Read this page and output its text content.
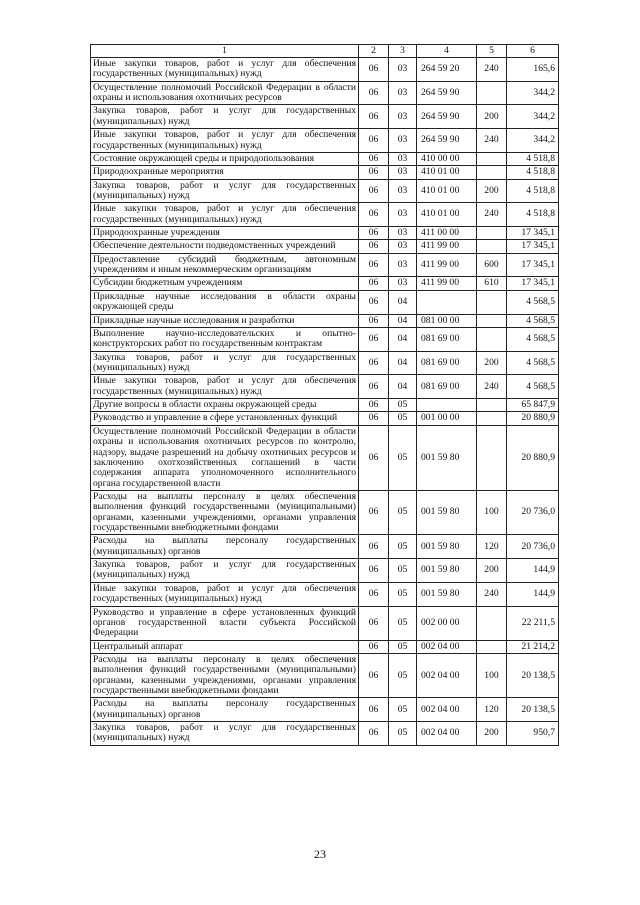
1	2	3	4	5	6
Иные закупки товаров, работ и услуг для обеспечения государственных (муниципальных) нужд	06	03	264 59 20	240	165,6
Осуществление полномочий Российской Федерации в области охраны и использования охотничьих ресурсов	06	03	264 59 90		344,2
Закупка товаров, работ и услуг для государственных (муниципальных) нужд	06	03	264 59 90	200	344,2
Иные закупки товаров, работ и услуг для обеспечения государственных (муниципальных) нужд	06	03	264 59 90	240	344,2
Состояние окружающей среды и природопользования	06	03	410 00 00		4 518,8
Природоохранные мероприятия	06	03	410 01 00		4 518,8
Закупка товаров, работ и услуг для государственных (муниципальных) нужд	06	03	410 01 00	200	4 518,8
Иные закупки товаров, работ и услуг для обеспечения государственных (муниципальных) нужд	06	03	410 01 00	240	4 518,8
Природоохранные учреждения	06	03	411 00 00		17 345,1
Обеспечение деятельности подведомственных учреждений	06	03	411 99 00		17 345,1
Предоставление субсидий бюджетным, автономным учреждениям и иным некоммерческим организациям	06	03	411 99 00	600	17 345,1
Субсидии бюджетным учреждениям	06	03	411 99 00	610	17 345,1
Прикладные научные исследования в области охраны окружающей среды	06	04			4 568,5
Прикладные научные исследования и разработки	06	04	081 00 00		4 568,5
Выполнение научно-исследовательских и опытно-конструкторских работ по государственным контрактам	06	04	081 69 00		4 568,5
Закупка товаров, работ и услуг для государственных (муниципальных) нужд	06	04	081 69 00	200	4 568,5
Иные закупки товаров, работ и услуг для обеспечения государственных (муниципальных) нужд	06	04	081 69 00	240	4 568,5
Другие вопросы в области охраны окружающей среды	06	05			65 847,9
Руководство и управление в сфере установленных функций	06	05	001 00 00		20 880,9
Осуществление полномочий Российской Федерации в области охраны и использования охотничьих ресурсов по контролю, надзору, выдаче разрешений на добычу охотничьих ресурсов и заключению охотхозяйственных соглашений в части содержания аппарата уполномоченного исполнительного органа государственной власти	06	05	001 59 80		20 880,9
Расходы на выплаты персоналу в целях обеспечения выполнения функций государственными (муниципальными) органами, казенными учреждениями, органами управления государственными внебюджетными фондами	06	05	001 59 80	100	20 736,0
Расходы на выплаты персоналу государственных (муниципальных) органов	06	05	001 59 80	120	20 736,0
Закупка товаров, работ и услуг для государственных (муниципальных) нужд	06	05	001 59 80	200	144,9
Иные закупки товаров, работ и услуг для обеспечения государственных (муниципальных) нужд	06	05	001 59 80	240	144,9
Руководство и управление в сфере установленных функций органов государственной власти субъекта Российской Федерации	06	05	002 00 00		22 211,5
Центральный аппарат	06	05	002 04 00		21 214,2
Расходы на выплаты персоналу в целях обеспечения выполнения функций государственными (муниципальными) органами, казенными учреждениями, органами управления государственными внебюджетными фондами	06	05	002 04 00	100	20 138,5
Расходы на выплаты персоналу государственных (муниципальных) органов	06	05	002 04 00	120	20 138,5
Закупка товаров, работ и услуг для государственных (муниципальных) нужд	06	05	002 04 00	200	950,7
23
